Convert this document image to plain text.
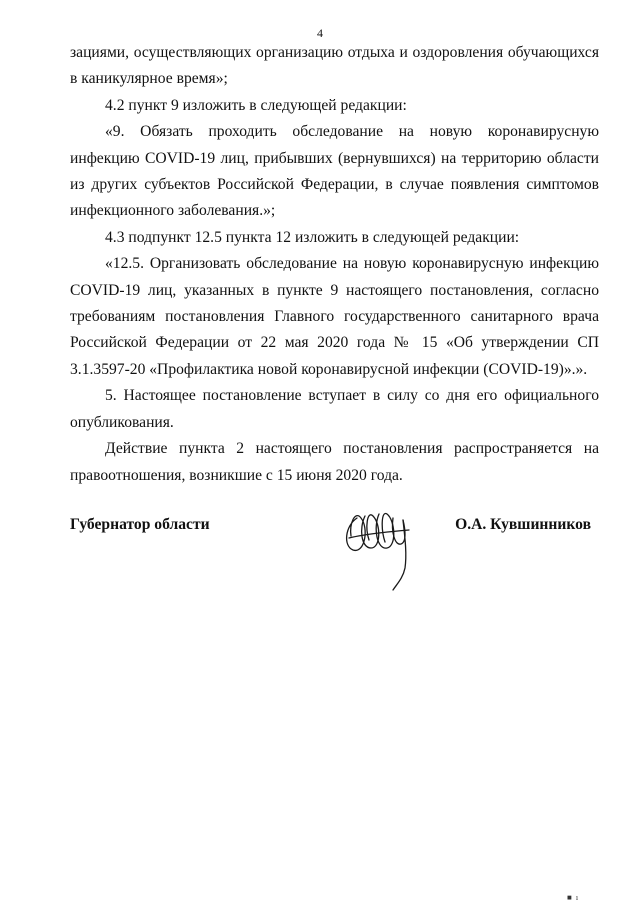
4

зациями, осуществляющих организацию отдыха и оздоровления обучающихся в каникулярное время»;

4.2 пункт 9 изложить в следующей редакции:

«9. Обязать проходить обследование на новую коронавирусную инфекцию COVID-19 лиц, прибывших (вернувшихся) на территорию области из других субъектов Российской Федерации, в случае появления симптомов инфекционного заболевания.»;

4.3 подпункт 12.5 пункта 12 изложить в следующей редакции:

«12.5. Организовать обследование на новую коронавирусную инфекцию COVID-19 лиц, указанных в пункте 9 настоящего постановления, согласно требованиям постановления Главного государственного санитарного врача Российской Федерации от 22 мая 2020 года № 15 «Об утверждении СП 3.1.3597-20 «Профилактика новой коронавирусной инфекции (COVID-19)».».

5. Настоящее постановление вступает в силу со дня его официального опубликования.

Действие пункта 2 настоящего постановления распространяется на правоотношения, возникшие с 15 июня 2020 года.

Губернатор области	О.А. Кувшинников
■ ı
